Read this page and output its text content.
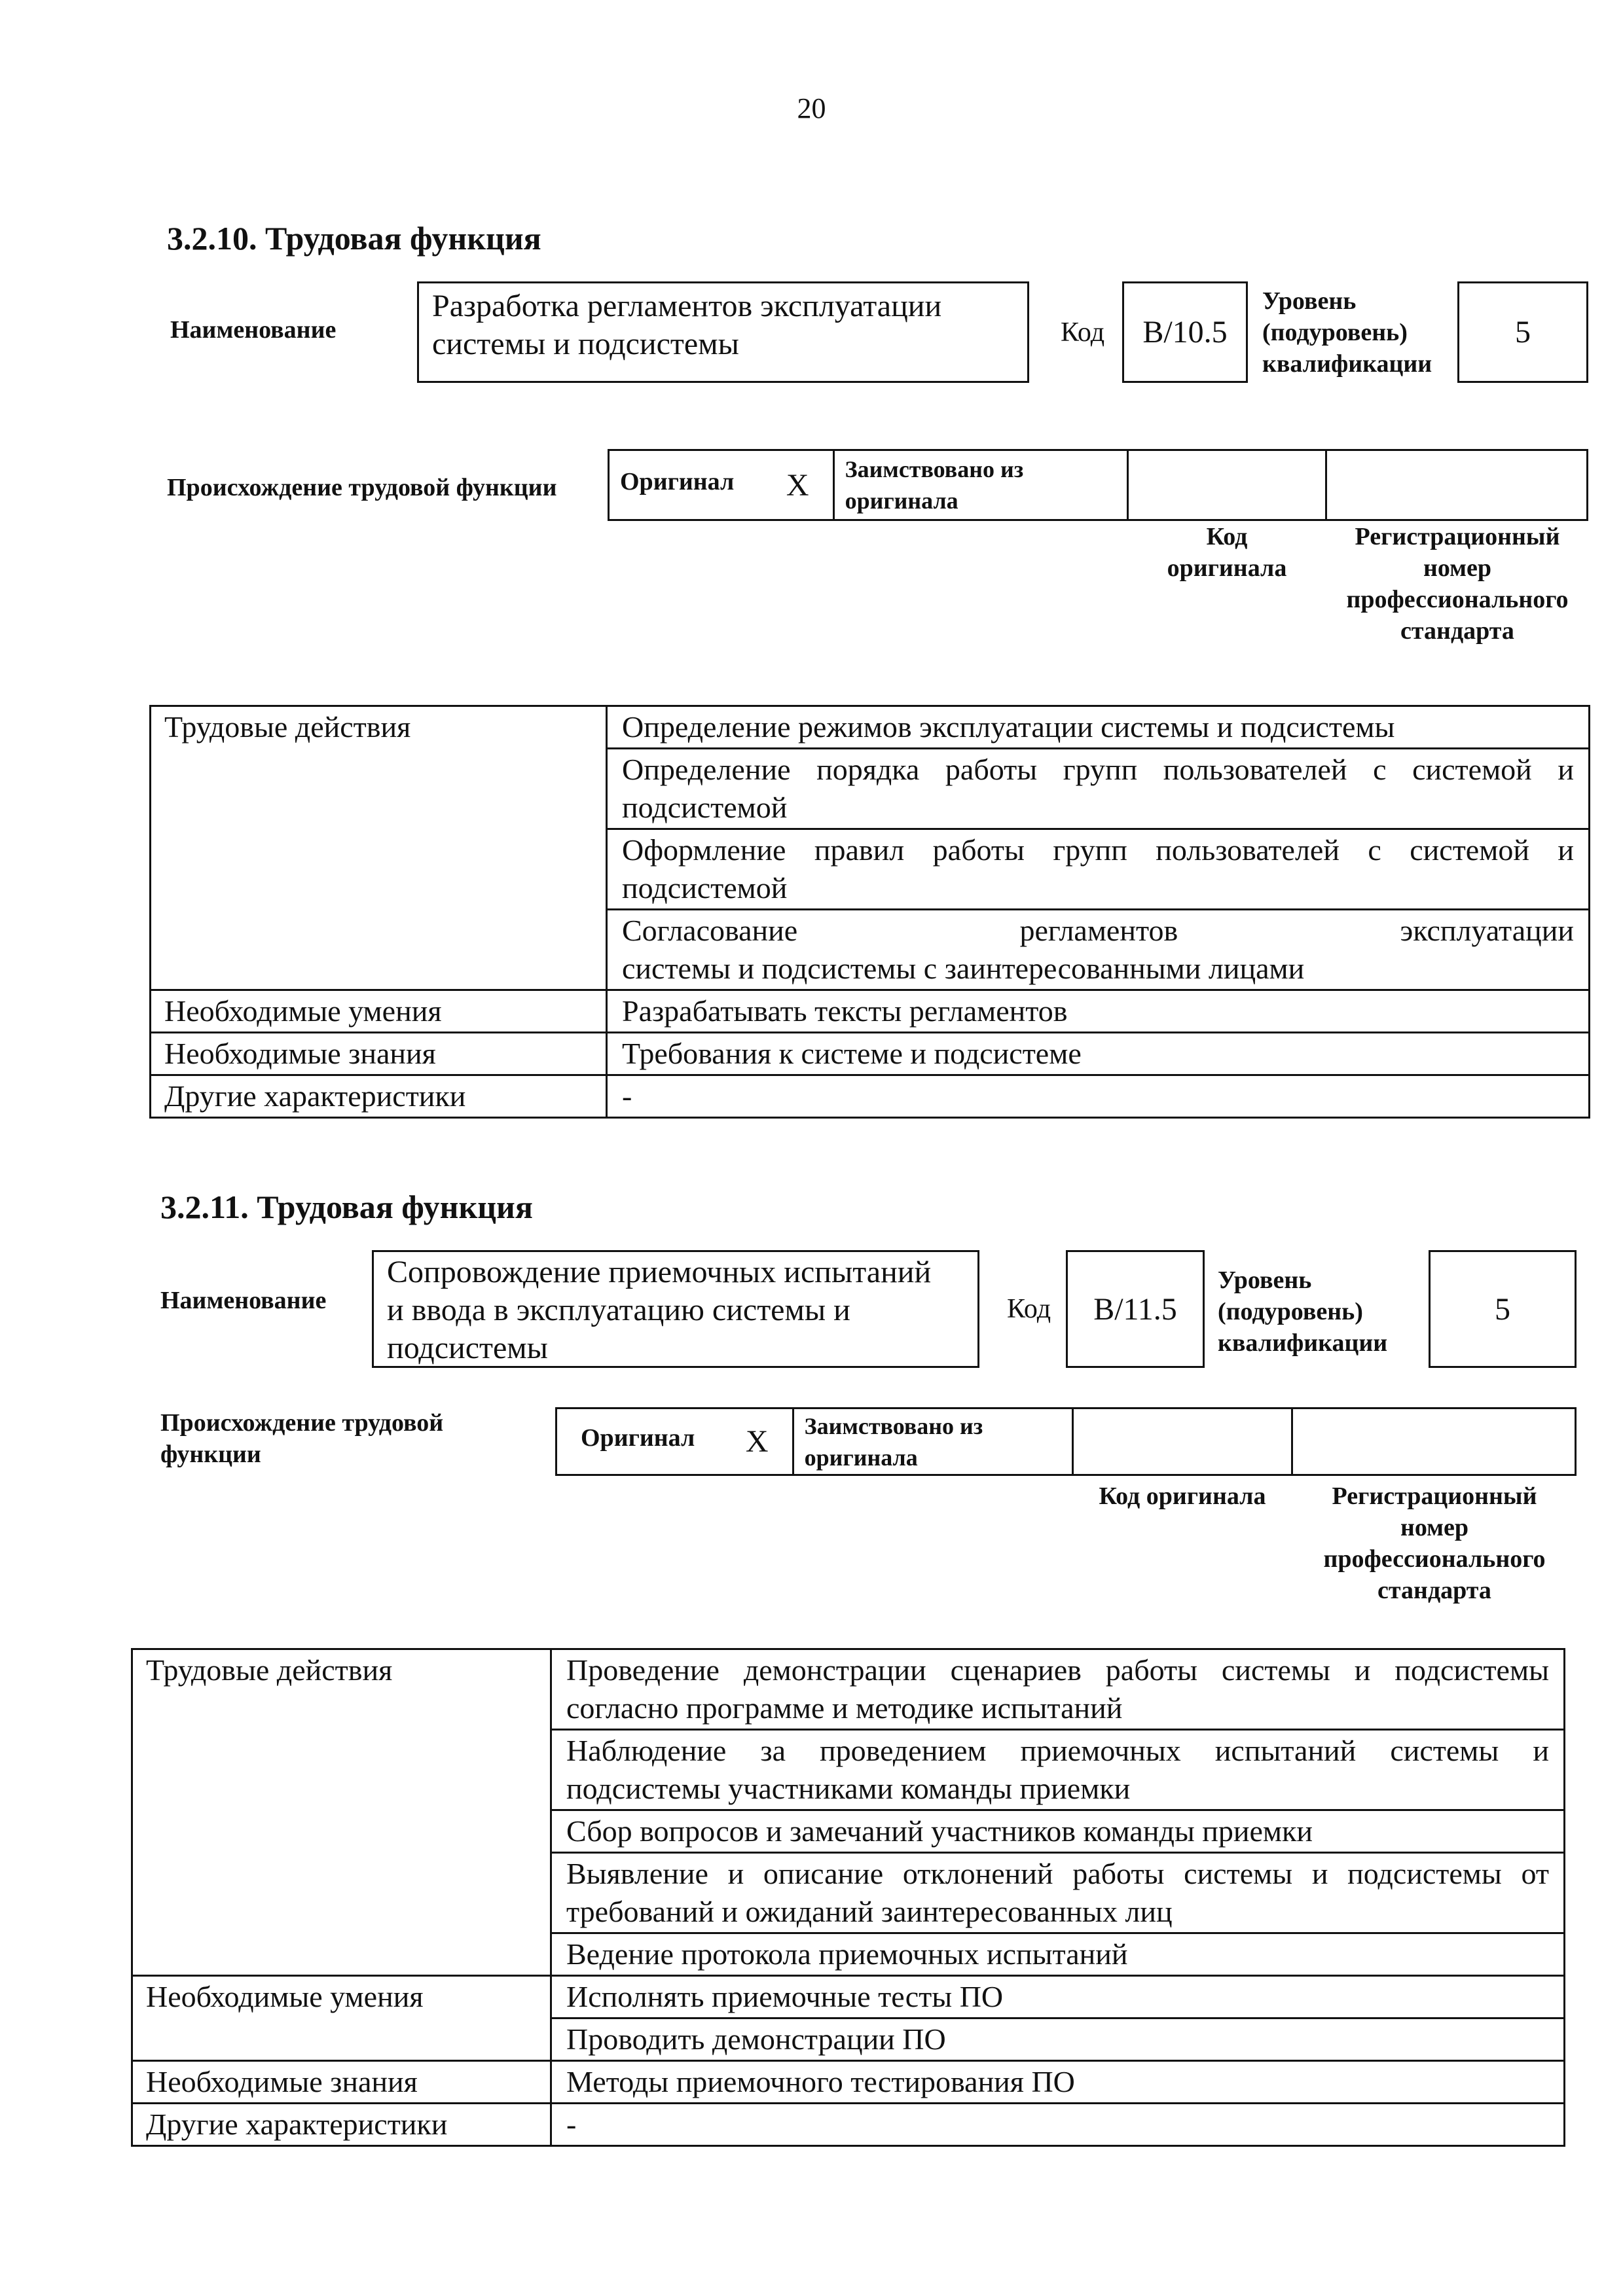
20
3.2.10. Трудовая функция
Наименование
Разработка регламентов эксплуатации
системы и подсистемы	Код B/10.5
Уровень
(подуровень)
квалификации
5
Происхождение трудовой функции	Оригинал X	Заимствовано из
оригинала

Код
оригинала
Регистрационный
номер
профессионального
стандарта
Трудовые действия	Определение режимов эксплуатации системы и подсистемы
	Определение порядка работы групп пользователей с системой и подсистемой
	Оформление правил работы групп пользователей с системой и подсистемой

	Согласование регламентов эксплуатации
системы и подсистемы с заинтересованными лицами

Необходимые умения	Разрабатывать тексты регламентов
Необходимые знания	Требования к системе и подсистеме
Другие характеристики	-
3.2.11. Трудовая функция
Наименование
Сопровождение приемочных испытаний
и ввода в эксплуатацию системы и
подсистемы
Код B/11.5
Уровень
(подуровень)
квалификации
5
Происхождение трудовой
функции
Оригинал X	Заимствовано из
оригинала

Код оригинала	Регистрационный
номер
профессионального
стандарта
Трудовые действия	Проведение демонстрации сценариев работы системы и подсистемы согласно программе и методике испытаний
	Наблюдение за проведением приемочных испытаний системы и подсистемы участниками команды приемки
	Сбор вопросов и замечаний участников команды приемки
	Выявление и описание отклонений работы системы и подсистемы от требований и ожиданий заинтересованных лиц
	Ведение протокола приемочных испытаний
Необходимые умения	Исполнять приемочные тесты ПО
	Проводить демонстрации ПО
Необходимые знания	Методы приемочного тестирования ПО
Другие характеристики	-
